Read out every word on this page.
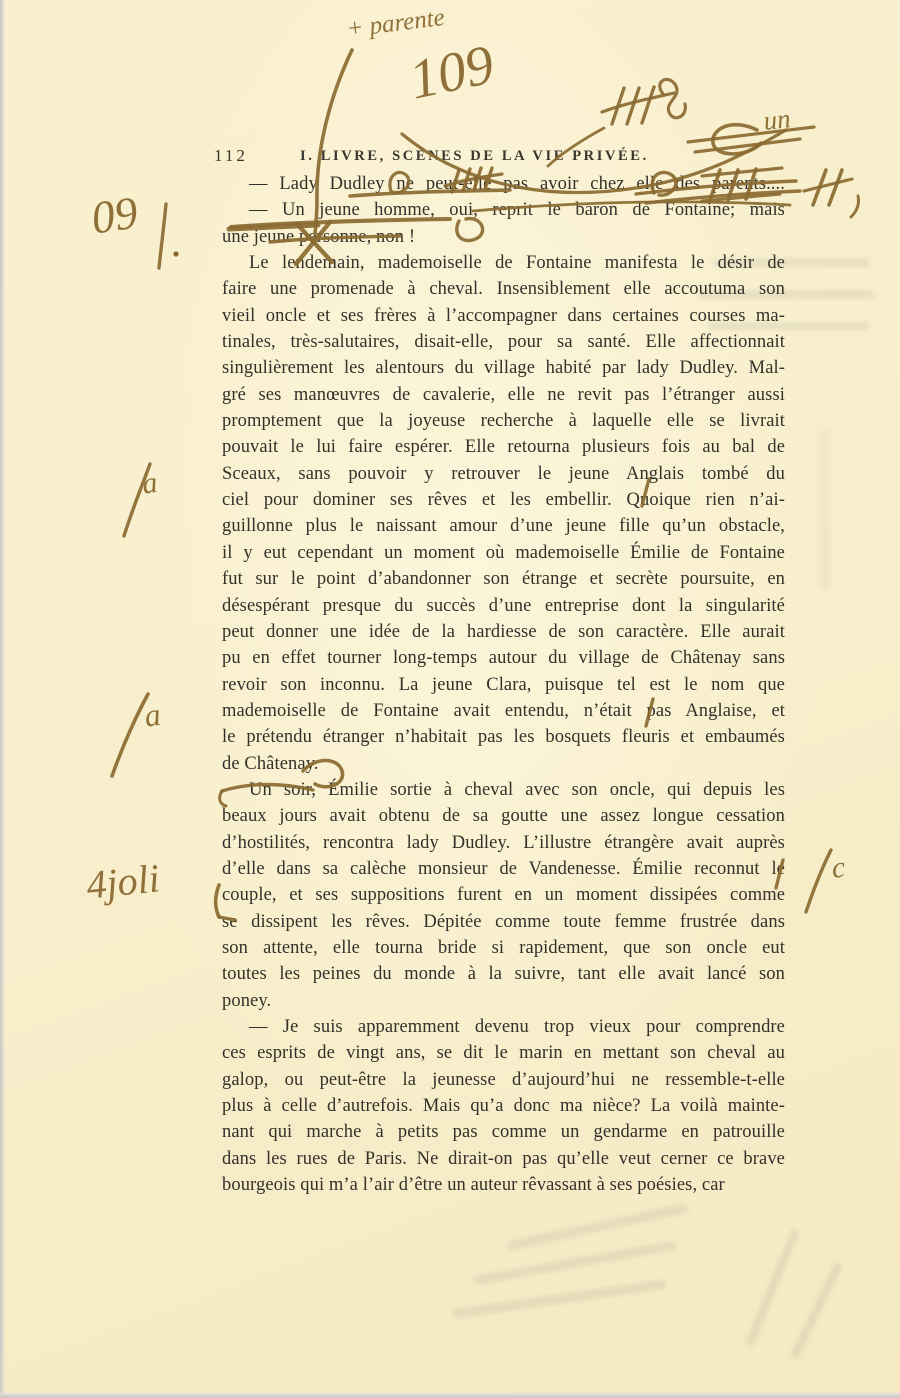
112	I. LIVRE, SCÈNES DE LA VIE PRIVÉE.
— Lady Dudley ne peut-elle pas avoir chez elle des parents....
— Un jeune homme, oui, reprit le baron de Fontaine; mais
une jeune personne, non !
Le lendemain, mademoiselle de Fontaine manifesta le désir de
faire une promenade à cheval. Insensiblement elle accoutuma son
vieil oncle et ses frères à l’accompagner dans certaines courses ma-
tinales, très-salutaires, disait-elle, pour sa santé. Elle affectionnait
singulièrement les alentours du village habité par lady Dudley. Mal-
gré ses manœuvres de cavalerie, elle ne revit pas l’étranger aussi
promptement que la joyeuse recherche à laquelle elle se livrait
pouvait le lui faire espérer. Elle retourna plusieurs fois au bal de
Sceaux, sans pouvoir y retrouver le jeune Anglais tombé du
ciel pour dominer ses rêves et les embellir. Quoique rien n’ai-
guillonne plus le naissant amour d’une jeune fille qu’un obstacle,
il y eut cependant un moment où mademoiselle Émilie de Fontaine
fut sur le point d’abandonner son étrange et secrète poursuite, en
désespérant presque du succès d’une entreprise dont la singularité
peut donner une idée de la hardiesse de son caractère. Elle aurait
pu en effet tourner long-temps autour du village de Châtenay sans
revoir son inconnu. La jeune Clara, puisque tel est le nom que
mademoiselle de Fontaine avait entendu, n’était pas Anglaise, et
le prétendu étranger n’habitait pas les bosquets fleuris et embaumés
de Châtenay.
Un soir, Émilie sortie à cheval avec son oncle, qui depuis les
beaux jours avait obtenu de sa goutte une assez longue cessation
d’hostilités, rencontra lady Dudley. L’illustre étrangère avait auprès
d’elle dans sa calèche monsieur de Vandenesse. Émilie reconnut le
couple, et ses suppositions furent en un moment dissipées comme
se dissipent les rêves. Dépitée comme toute femme frustrée dans
son attente, elle tourna bride si rapidement, que son oncle eut
toutes les peines du monde à la suivre, tant elle avait lancé son
poney.
— Je suis apparemment devenu trop vieux pour comprendre
ces esprits de vingt ans, se dit le marin en mettant son cheval au
galop, ou peut-être la jeunesse d’aujourd’hui ne ressemble-t-elle
plus à celle d’autrefois. Mais qu’a donc ma nièce? La voilà mainte-
nant qui marche à petits pas comme un gendarme en patrouille
dans les rues de Paris. Ne dirait-on pas qu’elle veut cerner ce brave
bourgeois qui m’a l’air d’être un auteur rêvassant à ses poésies, car
+ parente
109
09
un
a
a
4joli	c
